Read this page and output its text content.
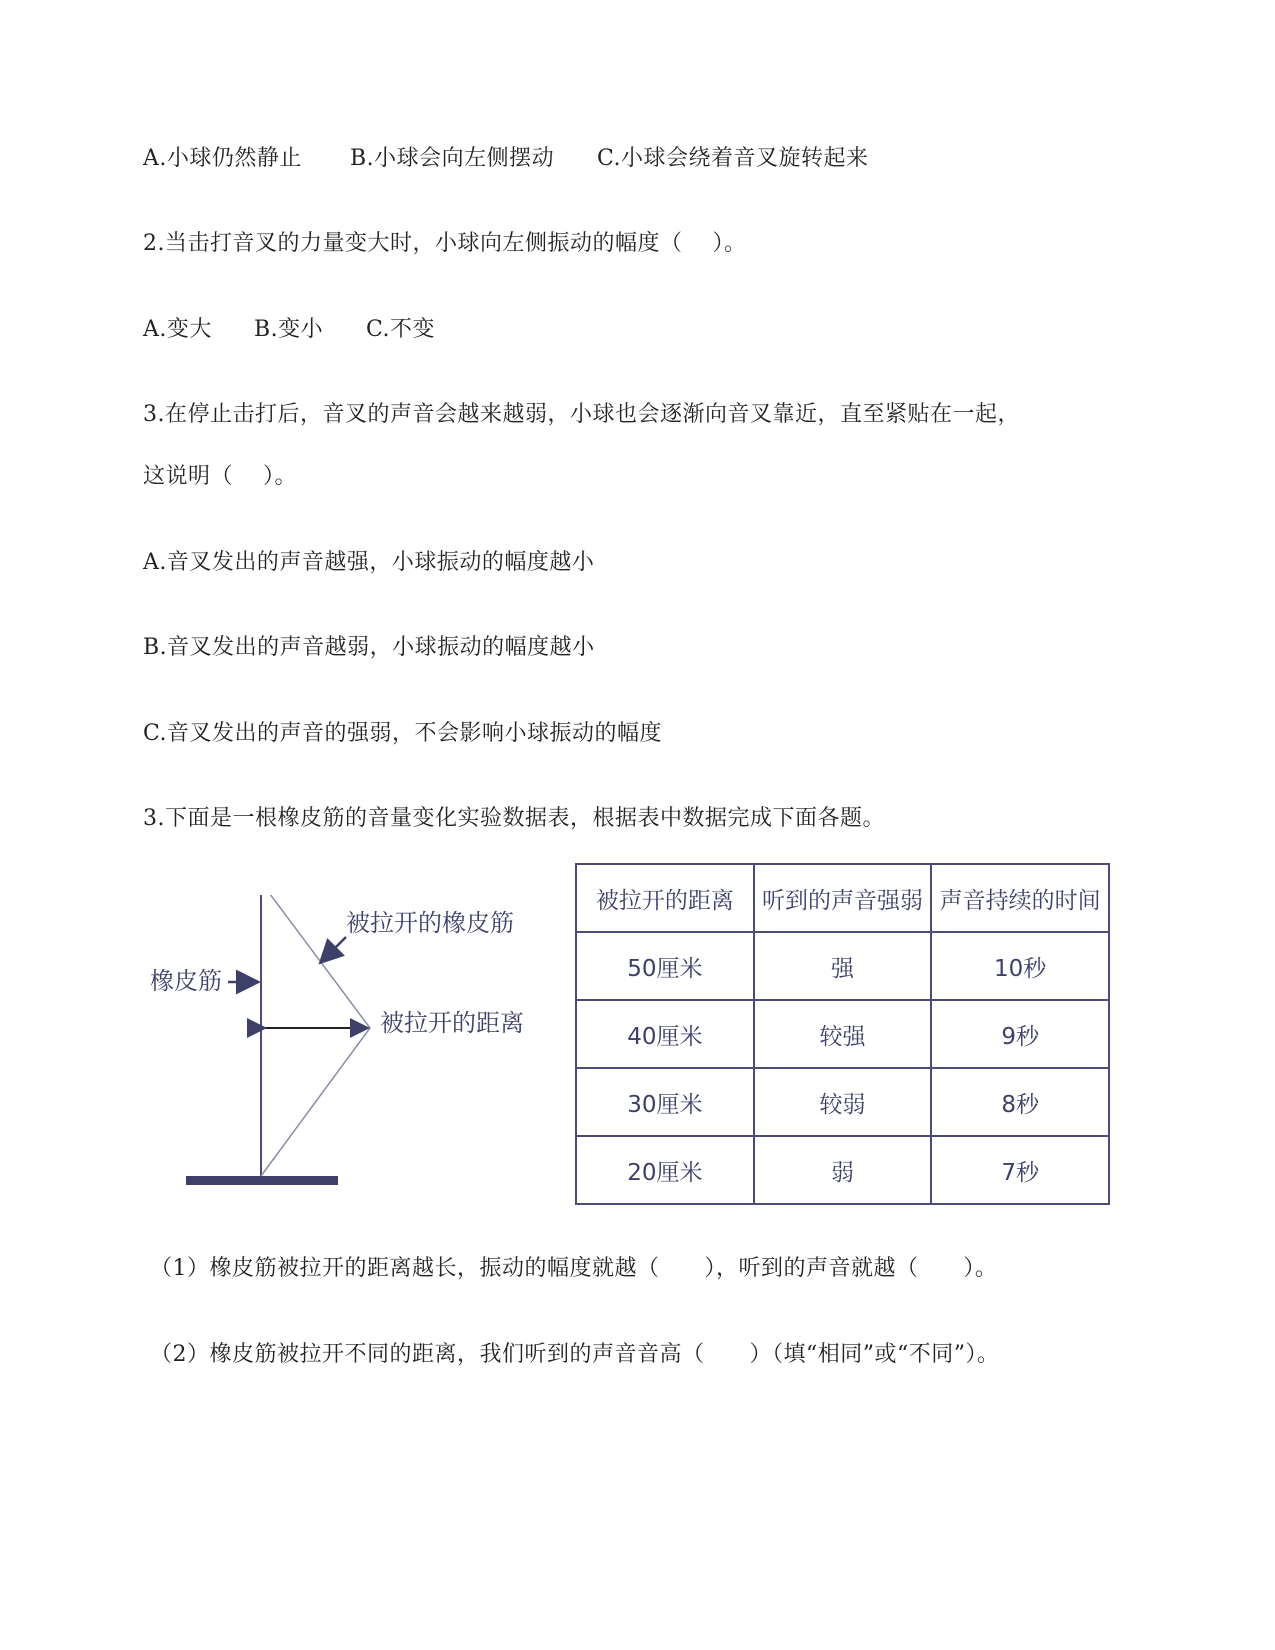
A.小球仍然静止 B.小球会向左侧摆动 C.小球会绕着音叉旋转起来
2.当击打音叉的力量变大时，小球向左侧振动的幅度（    ）。
A.变大 B.变小 C.不变
3.在停止击打后，音叉的声音会越来越弱，小球也会逐渐向音叉靠近，直至紧贴在一起，
这说明（    ）。
A.音叉发出的声音越强，小球振动的幅度越小
B.音叉发出的声音越弱，小球振动的幅度越小
C.音叉发出的声音的强弱，不会影响小球振动的幅度
3.下面是一根橡皮筋的音量变化实验数据表，根据表中数据完成下面各题。
橡皮筋
被拉开的橡皮筋
被拉开的距离
被拉开的距离	听到的声音强弱	声音持续的时间
50厘米	强	10秒
40厘米	较强	9秒
30厘米	较弱	8秒
20厘米	弱	7秒
（1）橡皮筋被拉开的距离越长，振动的幅度就越（      ），听到的声音就越（      ）。
（2）橡皮筋被拉开不同的距离，我们听到的声音音高（      ）（填“相同”或“不同”）。
